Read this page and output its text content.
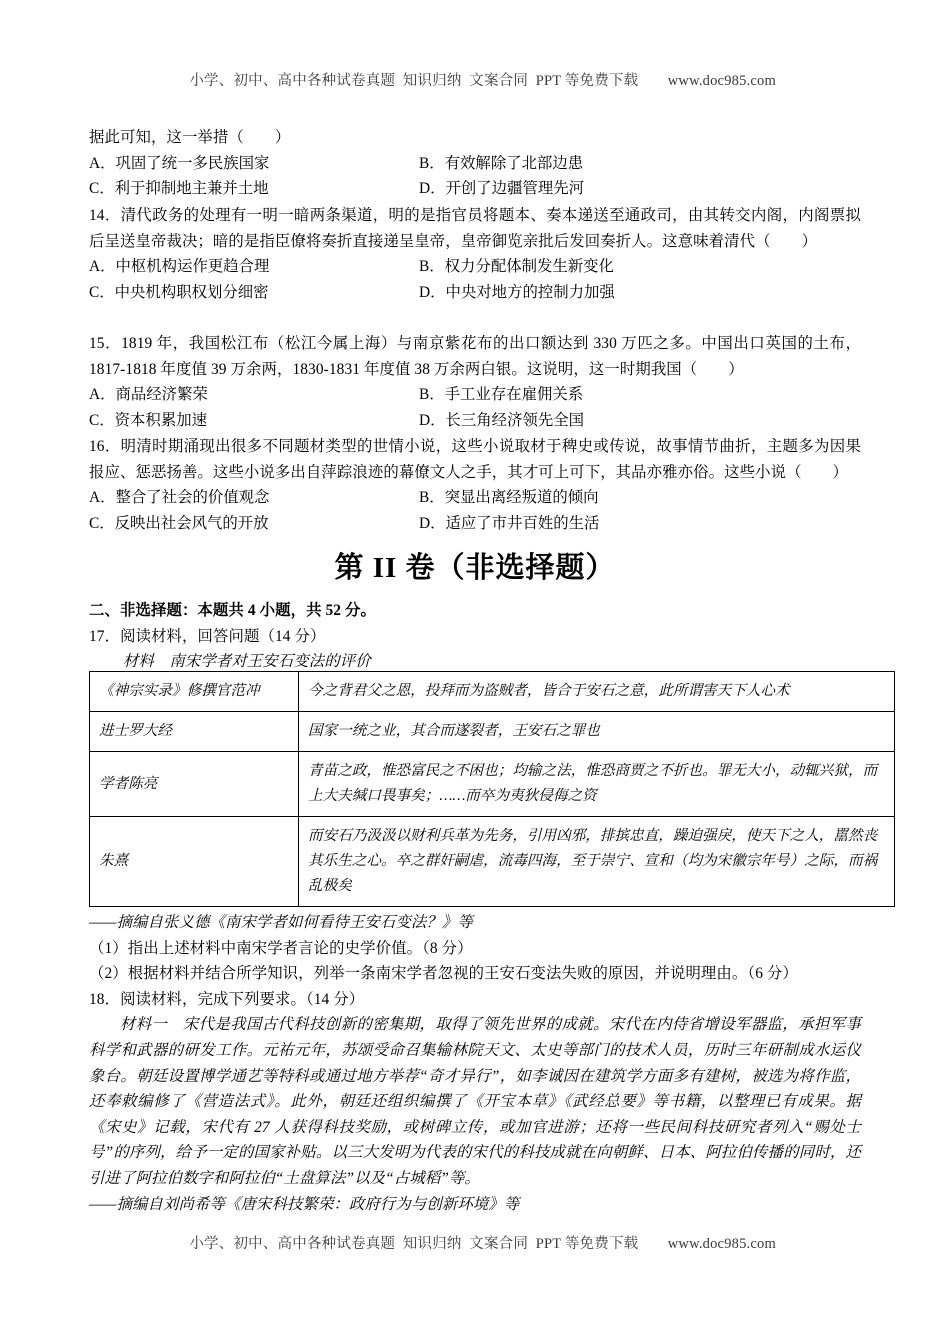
小学、初中、高中各种试卷真题  知识归纳  文案合同  PPT 等免费下载　　www.doc985.com

据此可知，这一举措（　　）

A．巩固了统一多民族国家	B．有效解除了北部边患
C．利于抑制地主兼并土地	D．开创了边疆管理先河

14．清代政务的处理有一明一暗两条渠道，明的是指官员将题本、奏本递送至通政司，由其转交内阁，内阁票拟后呈送皇帝裁决；暗的是指臣僚将奏折直接递呈皇帝，皇帝御览亲批后发回奏折人。这意味着清代（　　）

A．中枢机构运作更趋合理	B．权力分配体制发生新变化
C．中央机构职权划分细密	D．中央对地方的控制力加强

15．1819 年，我国松江布（松江今属上海）与南京紫花布的出口额达到 330 万匹之多。中国出口英国的土布，1817-1818 年度值 39 万余两，1830-1831 年度值 38 万余两白银。这说明，这一时期我国（　　）

A．商品经济繁荣	B．手工业存在雇佣关系
C．资本积累加速	D．长三角经济领先全国

16．明清时期涌现出很多不同题材类型的世情小说，这些小说取材于稗史或传说，故事情节曲折，主题多为因果报应、惩恶扬善。这些小说多出自萍踪浪迹的幕僚文人之手，其才可上可下，其品亦雅亦俗。这些小说（　　）

A．整合了社会的价值观念	B．突显出离经叛道的倾向
C．反映出社会风气的开放	D．适应了市井百姓的生活
第 II 卷（非选择题）

二、非选择题：本题共 4 小题，共 52 分。

17．阅读材料，回答问题（14 分）

材料　南宋学者对王安石变法的评价

《神宗实录》修撰官范冲	今之背君父之恩，投拜而为盗贼者，皆合于安石之意，此所谓害天下人心术
进士罗大经	国家一统之业，其合而遂裂者，王安石之罪也
学者陈亮	青苗之政，惟恐富民之不困也；均输之法，惟恐商贾之不折也。罪无大小，动辄兴狱，而上大夫缄口畏事矣；……而卒为夷狄侵侮之资
朱熹	而安石乃汲汲以财利兵革为先务，引用凶邪，排摈忠直，躁迫强戾，使天下之人，嚚然丧其乐生之心。卒之群奸嗣虐，流毒四海，至于崇宁、宣和（均为宋徽宗年号）之际，而祸乱极矣

——摘编自张义德《南宋学者如何看待王安石变法？》等

（1）指出上述材料中南宋学者言论的史学价值。（8 分）

（2）根据材料并结合所学知识，列举一条南宋学者忽视的王安石变法失败的原因，并说明理由。（6 分）

18．阅读材料，完成下列要求。（14 分）

材料一　宋代是我国古代科技创新的密集期，取得了领先世界的成就。宋代在内侍省增设军器监，承担军事科学和武器的研发工作。元祐元年，苏颂受命召集输林院天文、太史等部门的技术人员，历时三年研制成水运仪象台。朝廷设置博学通艺等特科或通过地方举荐“奇才异行”，如李诚因在建筑学方面多有建树，被选为将作监，还奉敕编修了《营造法式》。此外，朝廷还组织编撰了《开宝本草》《武经总要》等书籍，以整理已有成果。据《宋史》记载，宋代有 27 人获得科技奖励，或树碑立传，或加官进游；还将一些民间科技研究者列入“赐处士号”的序列，给予一定的国家补贴。以三大发明为代表的宋代的科技成就在向朝鲜、日本、阿拉伯传播的同时，还引进了阿拉伯数字和阿拉伯“土盘算法”以及“占城稻”等。

——摘编自刘尚希等《唐宋科技繁荣：政府行为与创新环境》等

小学、初中、高中各种试卷真题  知识归纳  文案合同  PPT 等免费下载　　www.doc985.com
